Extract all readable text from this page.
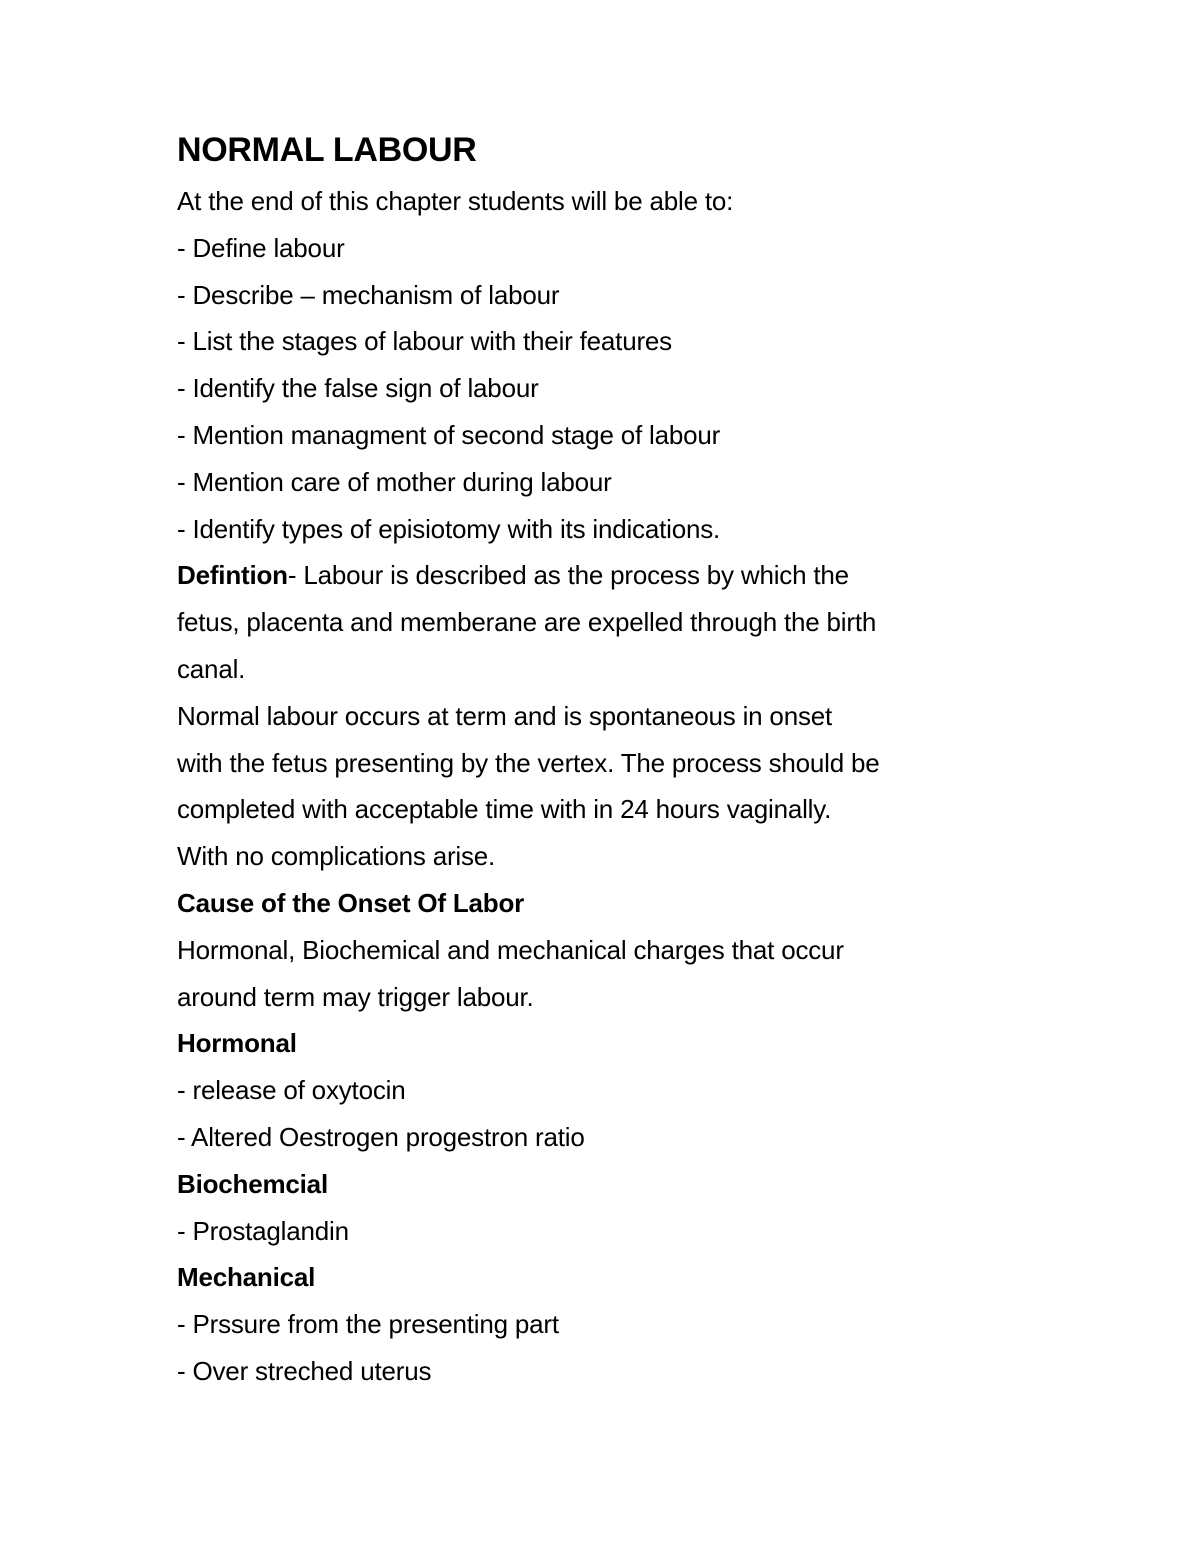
NORMAL LABOUR
At the end of this chapter students will be able to:
- Define labour
- Describe – mechanism of labour
- List the stages of labour with their features
- Identify the false sign of labour
- Mention managment of second stage of labour
- Mention care of mother during labour
- Identify types of episiotomy with its indications.
Defintion- Labour is described as the process by which the
fetus, placenta and memberane are expelled through the birth
canal.
Normal labour occurs at term and is spontaneous in onset
with the fetus presenting by the vertex. The process should be
completed with acceptable time with in 24 hours vaginally.
With no complications arise.
Cause of the Onset Of Labor
Hormonal, Biochemical and mechanical charges that occur
around term may trigger labour.
Hormonal
- release of oxytocin
- Altered Oestrogen progestron ratio
Biochemcial
- Prostaglandin
Mechanical
- Prssure from the presenting part
- Over streched uterus
